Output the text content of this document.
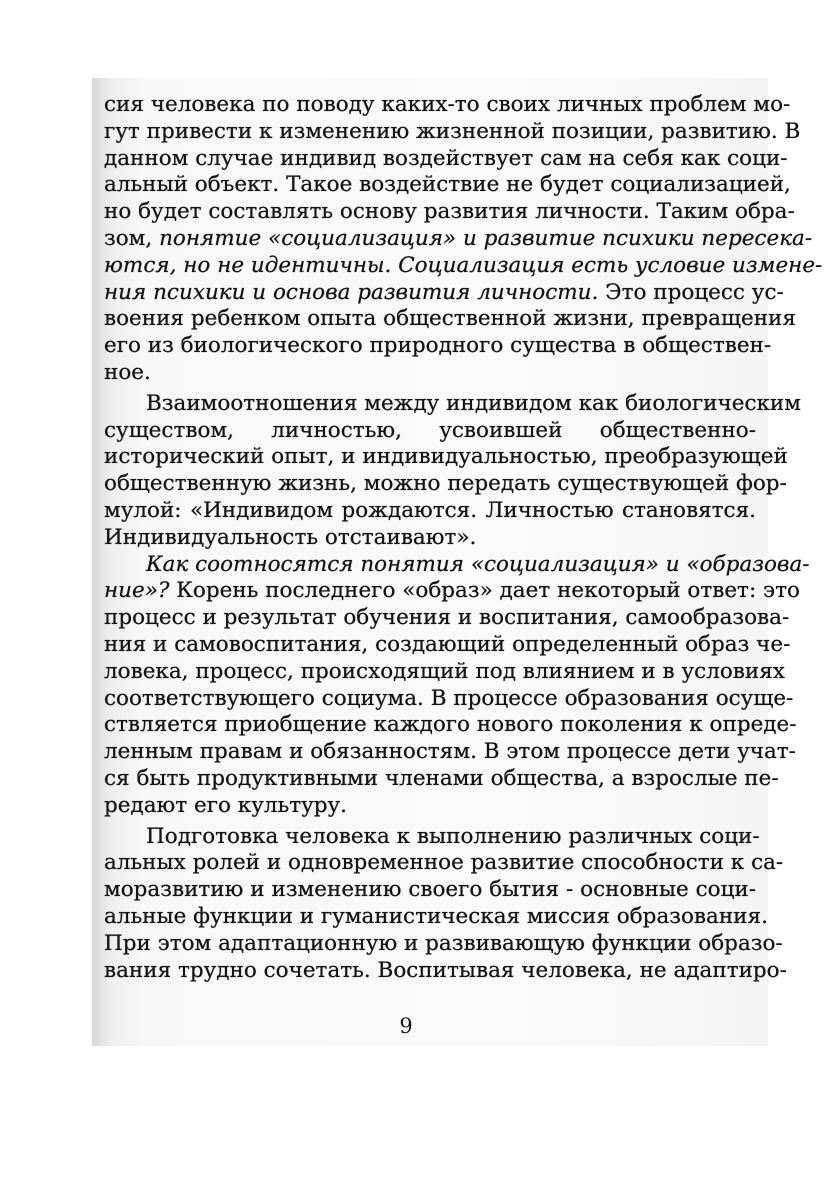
сия человека по поводу каких-то своих личных проблем мо-
гут привести к изменению жизненной позиции, развитию. В
данном случае индивид воздействует сам на себя как соци-
альный объект. Такое воздействие не будет социализацией,
но будет составлять основу развития личности. Таким обра-
зом, понятие «социализация» и развитие психики пересека-
ются, но не идентичны. Социализация есть условие измене-
ния психики и основа развития личности. Это процесс ус-
воения ребенком опыта общественной жизни, превращения
его из биологического природного существа в обществен-
ное.
Взаимоотношения между индивидом как биологическим
существом, личностью, усвоившей общественно-
исторический опыт, и индивидуальностью, преобразующей
общественную жизнь, можно передать существующей фор-
мулой: «Индивидом рождаются. Личностью становятся.
Индивидуальность отстаивают».
Как соотносятся понятия «социализация» и «образова-
ние»? Корень последнего «образ» дает некоторый ответ: это
процесс и результат обучения и воспитания, самообразова-
ния и самовоспитания, создающий определенный образ че-
ловека, процесс, происходящий под влиянием и в условиях
соответствующего социума. В процессе образования осуще-
ствляется приобщение каждого нового поколения к опреде-
ленным правам и обязанностям. В этом процессе дети учат-
ся быть продуктивными членами общества, а взрослые пе-
редают его культуру.
Подготовка человека к выполнению различных соци-
альных ролей и одновременное развитие способности к са-
моразвитию и изменению своего бытия - основные соци-
альные функции и гуманистическая миссия образования.
При этом адаптационную и развивающую функции образо-
вания трудно сочетать. Воспитывая человека, не адаптиро-
9
